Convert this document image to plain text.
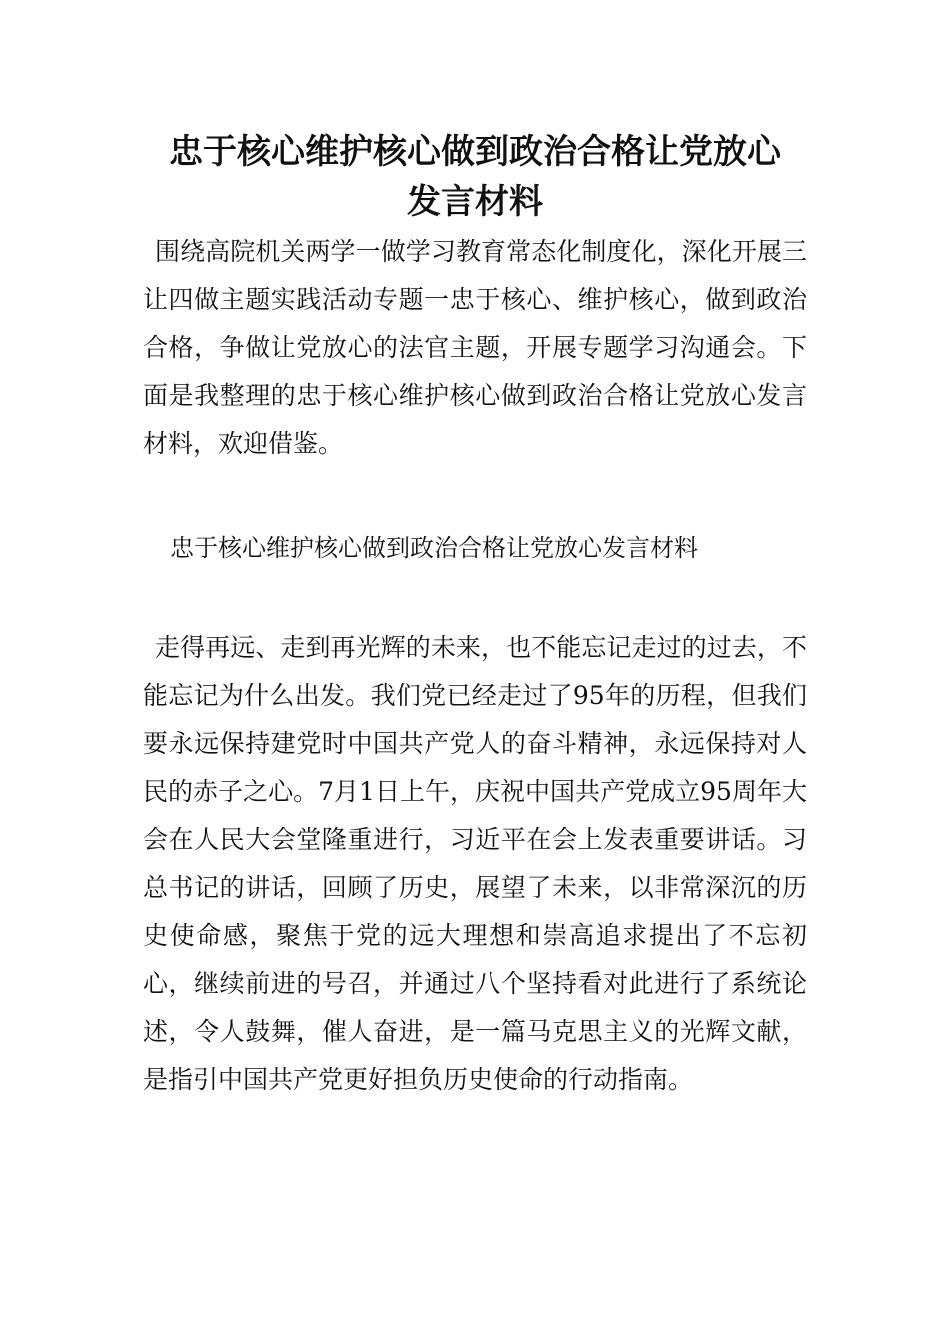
忠于核心维护核心做到政治合格让党放心
发言材料

围绕高院机关两学一做学习教育常态化制度化，深化开展三让四做主题实践活动专题一忠于核心、维护核心，做到政治合格，争做让党放心的法官主题，开展专题学习沟通会。下面是我整理的忠于核心维护核心做到政治合格让党放心发言材料，欢迎借鉴。

忠于核心维护核心做到政治合格让党放心发言材料

走得再远、走到再光辉的未来，也不能忘记走过的过去，不能忘记为什么出发。我们党已经走过了95年的历程，但我们要永远保持建党时中国共产党人的奋斗精神，永远保持对人民的赤子之心。7月1日上午，庆祝中国共产党成立95周年大会在人民大会堂隆重进行，习近平在会上发表重要讲话。习总书记的讲话，回顾了历史，展望了未来，以非常深沉的历史使命感，聚焦于党的远大理想和崇高追求提出了不忘初心，继续前进的号召，并通过八个坚持看对此进行了系统论述，令人鼓舞，催人奋进，是一篇马克思主义的光辉文献，是指引中国共产党更好担负历史使命的行动指南。
